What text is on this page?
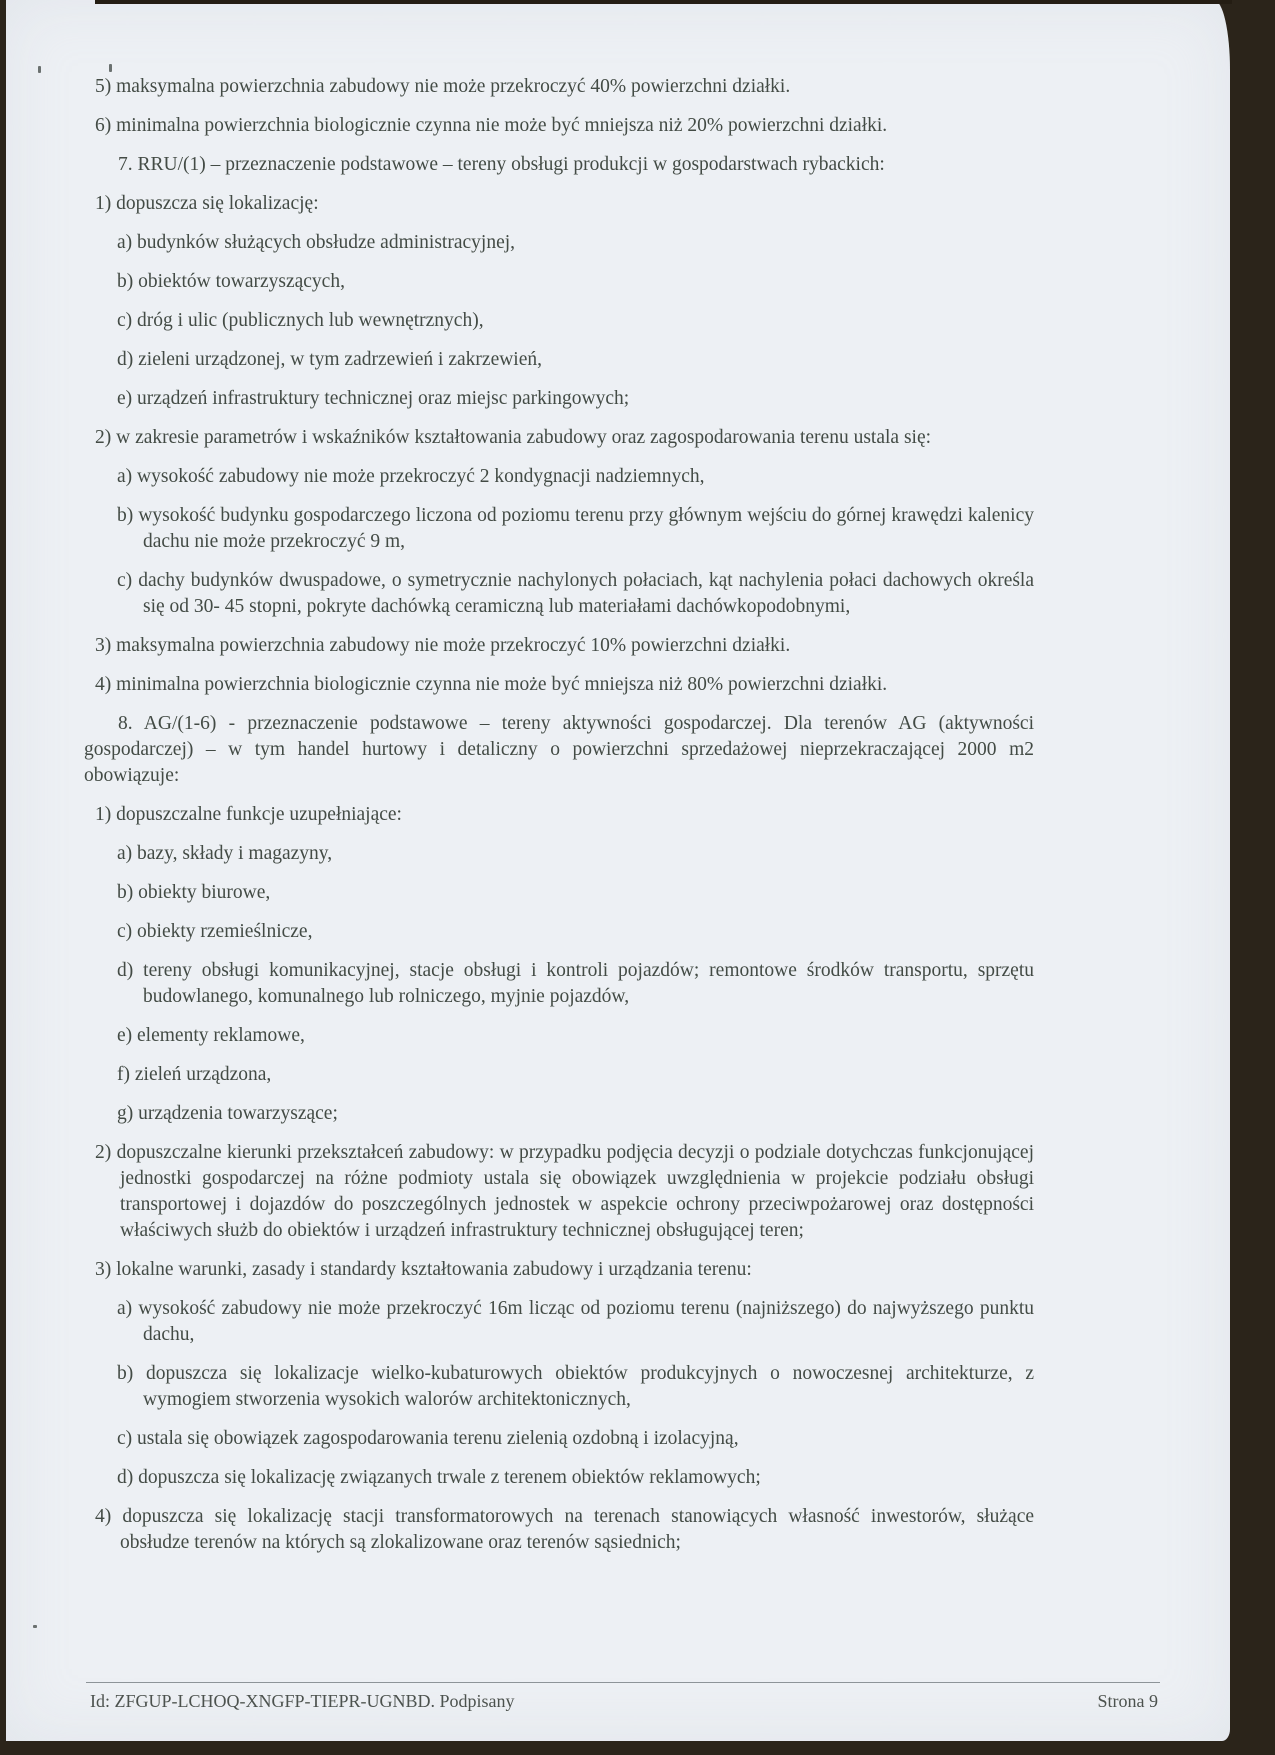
5) maksymalna powierzchnia zabudowy nie może przekroczyć 40% powierzchni działki.
6) minimalna powierzchnia biologicznie czynna nie może być mniejsza niż 20% powierzchni działki.
7. RRU/(1) – przeznaczenie podstawowe – tereny obsługi produkcji w gospodarstwach rybackich:
1) dopuszcza się lokalizację:
a) budynków służących obsłudze administracyjnej,
b) obiektów towarzyszących,
c) dróg i ulic (publicznych lub wewnętrznych),
d) zieleni urządzonej, w tym zadrzewień i zakrzewień,
e) urządzeń infrastruktury technicznej oraz miejsc parkingowych;
2) w zakresie parametrów i wskaźników kształtowania zabudowy oraz zagospodarowania terenu ustala się:
a) wysokość zabudowy nie może przekroczyć 2 kondygnacji nadziemnych,
b) wysokość budynku gospodarczego liczona od poziomu terenu przy głównym wejściu do górnej krawędzi kalenicy dachu nie może przekroczyć 9 m,
c) dachy budynków dwuspadowe, o symetrycznie nachylonych połaciach, kąt nachylenia połaci dachowych określa się od 30- 45 stopni, pokryte dachówką ceramiczną lub materiałami dachówkopodobnymi,
3) maksymalna powierzchnia zabudowy nie może przekroczyć 10% powierzchni działki.
4) minimalna powierzchnia biologicznie czynna nie może być mniejsza niż 80% powierzchni działki.
8. AG/(1-6) - przeznaczenie podstawowe – tereny aktywności gospodarczej. Dla terenów AG (aktywności gospodarczej) – w tym handel hurtowy i detaliczny o powierzchni sprzedażowej nieprzekraczającej 2000 m2 obowiązuje:
1) dopuszczalne funkcje uzupełniające:
a) bazy, składy i magazyny,
b) obiekty biurowe,
c) obiekty rzemieślnicze,
d) tereny obsługi komunikacyjnej, stacje obsługi i kontroli pojazdów; remontowe środków transportu, sprzętu budowlanego, komunalnego lub rolniczego, myjnie pojazdów,
e) elementy reklamowe,
f) zieleń urządzona,
g) urządzenia towarzyszące;
2) dopuszczalne kierunki przekształceń zabudowy: w przypadku podjęcia decyzji o podziale dotychczas funkcjonującej jednostki gospodarczej na różne podmioty ustala się obowiązek uwzględnienia w projekcie podziału obsługi transportowej i dojazdów do poszczególnych jednostek w aspekcie ochrony przeciwpożarowej oraz dostępności właściwych służb do obiektów i urządzeń infrastruktury technicznej obsługującej teren;
3) lokalne warunki, zasady i standardy kształtowania zabudowy i urządzania terenu:
a) wysokość zabudowy nie może przekroczyć 16m licząc od poziomu terenu (najniższego) do najwyższego punktu dachu,
b) dopuszcza się lokalizacje wielko-kubaturowych obiektów produkcyjnych o nowoczesnej architekturze, z wymogiem stworzenia wysokich walorów architektonicznych,
c) ustala się obowiązek zagospodarowania terenu zielenią ozdobną i izolacyjną,
d) dopuszcza się lokalizację związanych trwale z terenem obiektów reklamowych;
4) dopuszcza się lokalizację stacji transformatorowych na terenach stanowiących własność inwestorów, służące obsłudze terenów na których są zlokalizowane oraz terenów sąsiednich;
Id: ZFGUP-LCHOQ-XNGFP-TIEPR-UGNBD. Podpisany	Strona 9
